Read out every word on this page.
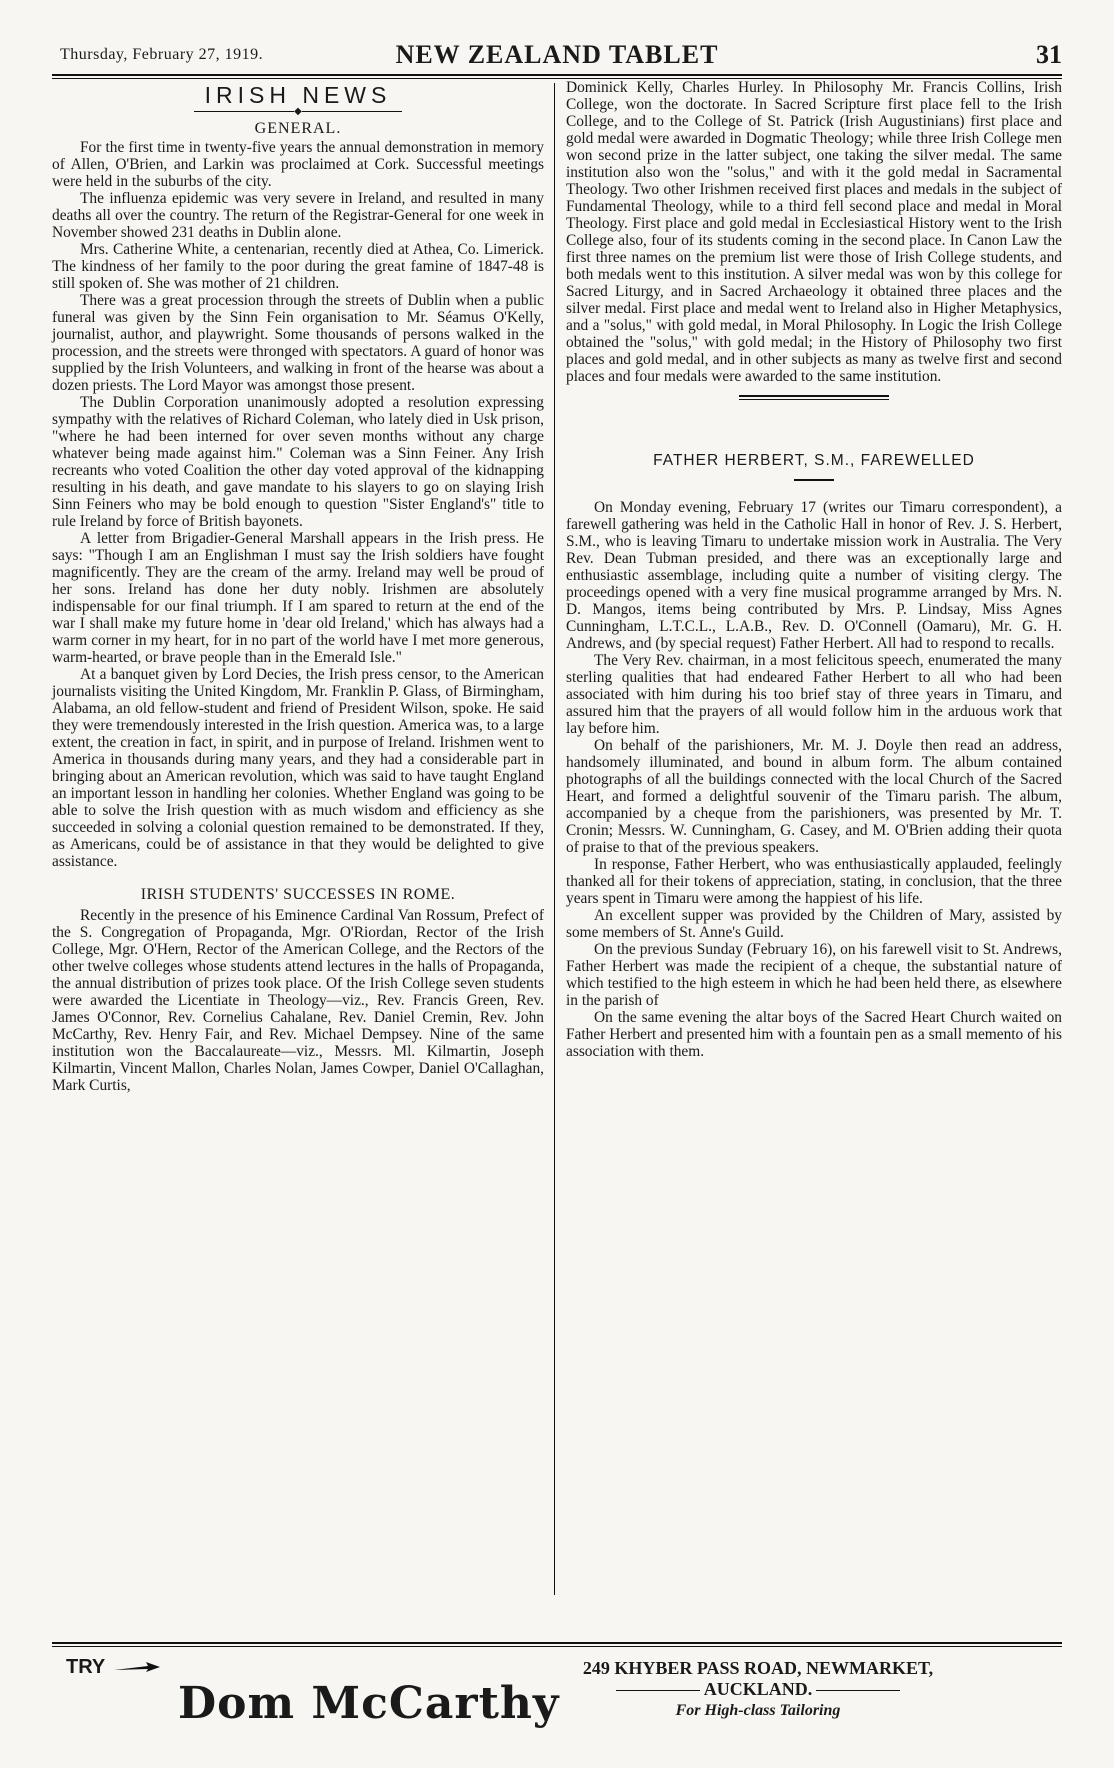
Thursday, February 27, 1919.	NEW ZEALAND TABLET	31
IRISH NEWS
◆
GENERAL.

For the first time in twenty-five years the annual demonstration in memory of Allen, O'Brien, and Larkin was proclaimed at Cork. Successful meetings were held in the suburbs of the city.

The influenza epidemic was very severe in Ireland, and resulted in many deaths all over the country. The return of the Registrar-General for one week in November showed 231 deaths in Dublin alone.

Mrs. Catherine White, a centenarian, recently died at Athea, Co. Limerick. The kindness of her family to the poor during the great famine of 1847-48 is still spoken of. She was mother of 21 children.

There was a great procession through the streets of Dublin when a public funeral was given by the Sinn Fein organisation to Mr. Séamus O'Kelly, journalist, author, and playwright. Some thousands of persons walked in the procession, and the streets were thronged with spectators. A guard of honor was supplied by the Irish Volunteers, and walking in front of the hearse was about a dozen priests. The Lord Mayor was amongst those present.

The Dublin Corporation unanimously adopted a resolution expressing sympathy with the relatives of Richard Coleman, who lately died in Usk prison, "where he had been interned for over seven months without any charge whatever being made against him." Coleman was a Sinn Feiner. Any Irish recreants who voted Coalition the other day voted approval of the kidnapping resulting in his death, and gave mandate to his slayers to go on slaying Irish Sinn Feiners who may be bold enough to question "Sister England's" title to rule Ireland by force of British bayonets.

A letter from Brigadier-General Marshall appears in the Irish press. He says: "Though I am an Englishman I must say the Irish soldiers have fought magnificently. They are the cream of the army. Ireland may well be proud of her sons. Ireland has done her duty nobly. Irishmen are absolutely indispensable for our final triumph. If I am spared to return at the end of the war I shall make my future home in 'dear old Ireland,' which has always had a warm corner in my heart, for in no part of the world have I met more generous, warm-hearted, or brave people than in the Emerald Isle."

At a banquet given by Lord Decies, the Irish press censor, to the American journalists visiting the United Kingdom, Mr. Franklin P. Glass, of Birmingham, Alabama, an old fellow-student and friend of President Wilson, spoke. He said they were tremendously interested in the Irish question. America was, to a large extent, the creation in fact, in spirit, and in purpose of Ireland. Irishmen went to America in thousands during many years, and they had a considerable part in bringing about an American revolution, which was said to have taught England an important lesson in handling her colonies. Whether England was going to be able to solve the Irish question with as much wisdom and efficiency as she succeeded in solving a colonial question remained to be demonstrated. If they, as Americans, could be of assistance in that they would be delighted to give assistance.

IRISH STUDENTS' SUCCESSES IN ROME.

Recently in the presence of his Eminence Cardinal Van Rossum, Prefect of the S. Congregation of Propaganda, Mgr. O'Riordan, Rector of the Irish College, Mgr. O'Hern, Rector of the American College, and the Rectors of the other twelve colleges whose students attend lectures in the halls of Propaganda, the annual distribution of prizes took place. Of the Irish College seven students were awarded the Licentiate in Theology—viz., Rev. Francis Green, Rev. James O'Connor, Rev. Cornelius Cahalane, Rev. Daniel Cremin, Rev. John McCarthy, Rev. Henry Fair, and Rev. Michael Dempsey. Nine of the same institution won the Baccalaureate—viz., Messrs. Ml. Kilmartin, Joseph Kilmartin, Vincent Mallon, Charles Nolan, James Cowper, Daniel O'Callaghan, Mark Curtis,

Dominick Kelly, Charles Hurley. In Philosophy Mr. Francis Collins, Irish College, won the doctorate. In Sacred Scripture first place fell to the Irish College, and to the College of St. Patrick (Irish Augustinians) first place and gold medal were awarded in Dogmatic Theology; while three Irish College men won second prize in the latter subject, one taking the silver medal. The same institution also won the "solus," and with it the gold medal in Sacramental Theology. Two other Irishmen received first places and medals in the subject of Fundamental Theology, while to a third fell second place and medal in Moral Theology. First place and gold medal in Ecclesiastical History went to the Irish College also, four of its students coming in the second place. In Canon Law the first three names on the premium list were those of Irish College students, and both medals went to this institution. A silver medal was won by this college for Sacred Liturgy, and in Sacred Archaeology it obtained three places and the silver medal. First place and medal went to Ireland also in Higher Metaphysics, and a "solus," with gold medal, in Moral Philosophy. In Logic the Irish College obtained the "solus," with gold medal; in the History of Philosophy two first places and gold medal, and in other subjects as many as twelve first and second places and four medals were awarded to the same institution.

FATHER HERBERT, S.M., FAREWELLED

On Monday evening, February 17 (writes our Timaru correspondent), a farewell gathering was held in the Catholic Hall in honor of Rev. J. S. Herbert, S.M., who is leaving Timaru to undertake mission work in Australia. The Very Rev. Dean Tubman presided, and there was an exceptionally large and enthusiastic assemblage, including quite a number of visiting clergy. The proceedings opened with a very fine musical programme arranged by Mrs. N. D. Mangos, items being contributed by Mrs. P. Lindsay, Miss Agnes Cunningham, L.T.C.L., L.A.B., Rev. D. O'Connell (Oamaru), Mr. G. H. Andrews, and (by special request) Father Herbert. All had to respond to recalls.

The Very Rev. chairman, in a most felicitous speech, enumerated the many sterling qualities that had endeared Father Herbert to all who had been associated with him during his too brief stay of three years in Timaru, and assured him that the prayers of all would follow him in the arduous work that lay before him.

On behalf of the parishioners, Mr. M. J. Doyle then read an address, handsomely illuminated, and bound in album form. The album contained photographs of all the buildings connected with the local Church of the Sacred Heart, and formed a delightful souvenir of the Timaru parish. The album, accompanied by a cheque from the parishioners, was presented by Mr. T. Cronin; Messrs. W. Cunningham, G. Casey, and M. O'Brien adding their quota of praise to that of the previous speakers.

In response, Father Herbert, who was enthusiastically applauded, feelingly thanked all for their tokens of appreciation, stating, in conclusion, that the three years spent in Timaru were among the happiest of his life.

An excellent supper was provided by the Children of Mary, assisted by some members of St. Anne's Guild.

On the previous Sunday (February 16), on his farewell visit to St. Andrews, Father Herbert was made the recipient of a cheque, the substantial nature of which testified to the high esteem in which he had been held there, as elsewhere in the parish of

On the same evening the altar boys of the Sacred Heart Church waited on Father Herbert and presented him with a fountain pen as a small memento of his association with them.

TRY
Dom McCarthy
249 KHYBER PASS ROAD, NEWMARKET,
AUCKLAND.
For High-class Tailoring
